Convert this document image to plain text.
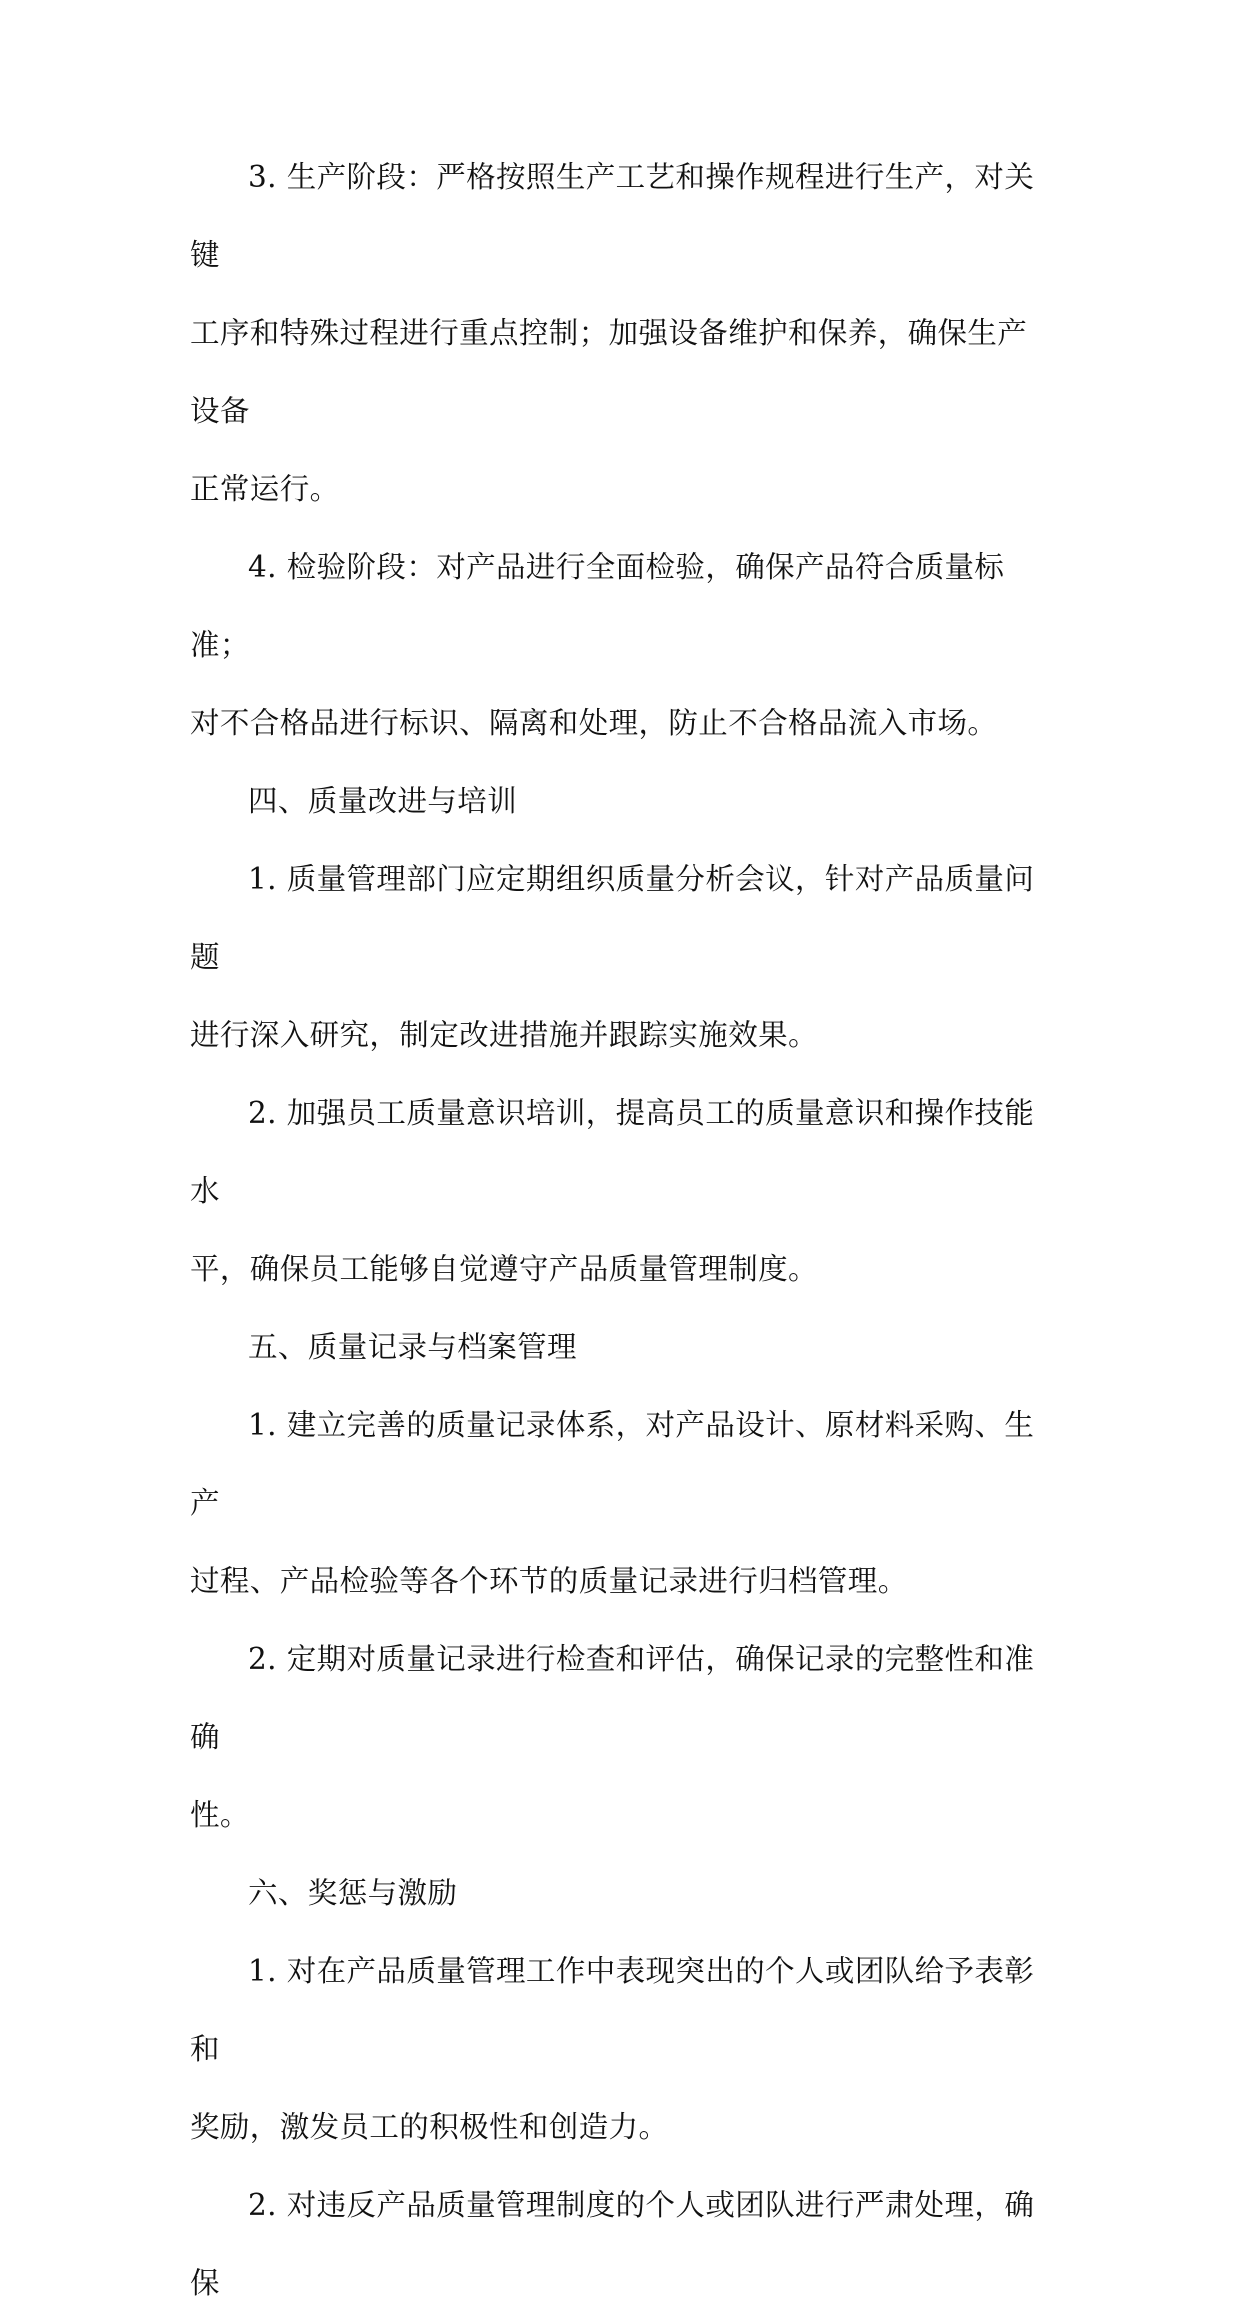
3. 生产阶段：严格按照生产工艺和操作规程进行生产，对关键
工序和特殊过程进行重点控制；加强设备维护和保养，确保生产设备
正常运行。
4. 检验阶段：对产品进行全面检验，确保产品符合质量标准；
对不合格品进行标识、隔离和处理，防止不合格品流入市场。
四、质量改进与培训
1. 质量管理部门应定期组织质量分析会议，针对产品质量问题
进行深入研究，制定改进措施并跟踪实施效果。
2. 加强员工质量意识培训，提高员工的质量意识和操作技能水
平，确保员工能够自觉遵守产品质量管理制度。
五、质量记录与档案管理
1. 建立完善的质量记录体系，对产品设计、原材料采购、生产
过程、产品检验等各个环节的质量记录进行归档管理。
2. 定期对质量记录进行检查和评估，确保记录的完整性和准确
性。
六、奖惩与激励
1. 对在产品质量管理工作中表现突出的个人或团队给予表彰和
奖励，激发员工的积极性和创造力。
2. 对违反产品质量管理制度的个人或团队进行严肃处理，确保
